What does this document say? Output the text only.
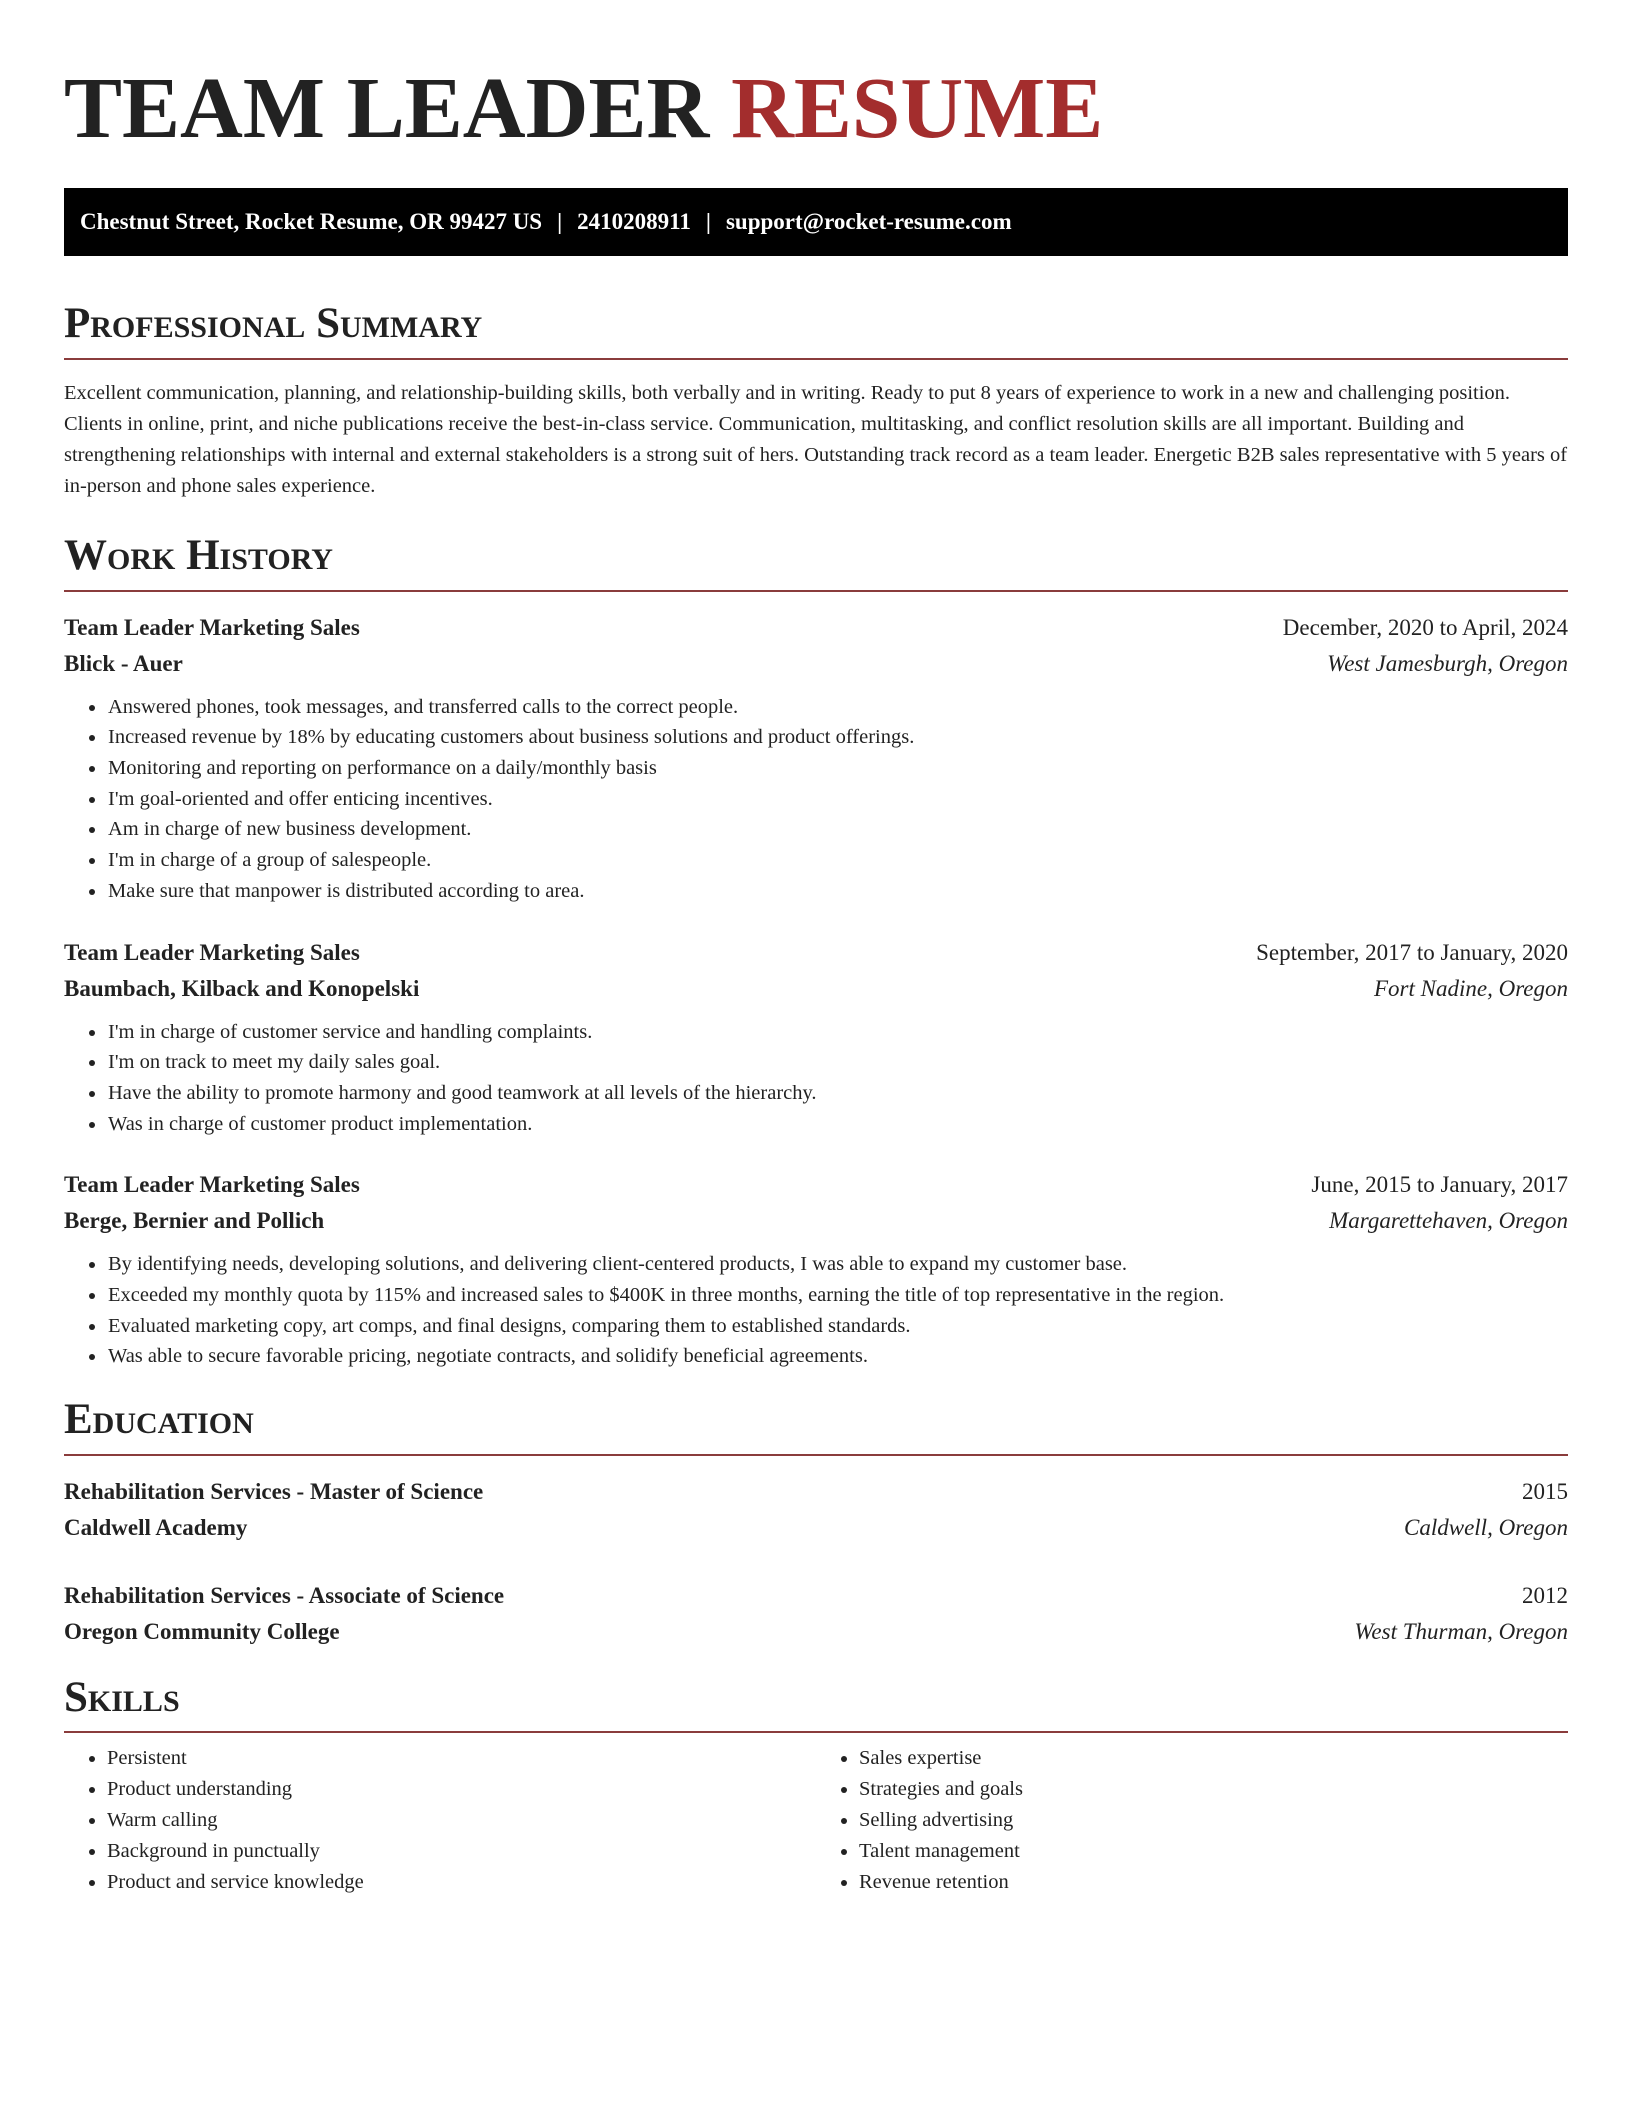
TEAM LEADER RESUME
Chestnut Street, Rocket Resume, OR 99427 US | 2410208911 | support@rocket-resume.com
Professional Summary

Excellent communication, planning, and relationship-building skills, both verbally and in writing. Ready to put 8 years of experience to work in a new and challenging position. Clients in online, print, and niche publications receive the best-in-class service. Communication, multitasking, and conflict resolution skills are all important. Building and strengthening relationships with internal and external stakeholders is a strong suit of hers. Outstanding track record as a team leader. Energetic B2B sales representative with 5 years of in-person and phone sales experience.

Work History
Team Leader Marketing Sales	December, 2020 to April, 2024
Blick - Auer	West Jamesburgh, Oregon
• Answered phones, took messages, and transferred calls to the correct people.
• Increased revenue by 18% by educating customers about business solutions and product offerings.
• Monitoring and reporting on performance on a daily/monthly basis
• I'm goal-oriented and offer enticing incentives.
• Am in charge of new business development.
• I'm in charge of a group of salespeople.
• Make sure that manpower is distributed according to area.
Team Leader Marketing Sales	September, 2017 to January, 2020
Baumbach, Kilback and Konopelski	Fort Nadine, Oregon
• I'm in charge of customer service and handling complaints.
• I'm on track to meet my daily sales goal.
• Have the ability to promote harmony and good teamwork at all levels of the hierarchy.
• Was in charge of customer product implementation.
Team Leader Marketing Sales	June, 2015 to January, 2017
Berge, Bernier and Pollich	Margarettehaven, Oregon
• By identifying needs, developing solutions, and delivering client-centered products, I was able to expand my customer base.
• Exceeded my monthly quota by 115% and increased sales to $400K in three months, earning the title of top representative in the region.
• Evaluated marketing copy, art comps, and final designs, comparing them to established standards.
• Was able to secure favorable pricing, negotiate contracts, and solidify beneficial agreements.
Education
Rehabilitation Services - Master of Science	2015
Caldwell Academy	Caldwell, Oregon
Rehabilitation Services - Associate of Science	2012
Oregon Community College	West Thurman, Oregon
Skills
• Persistent
• Product understanding
• Warm calling
• Background in punctually
• Product and service knowledge
• Sales expertise
• Strategies and goals
• Selling advertising
• Talent management
• Revenue retention
